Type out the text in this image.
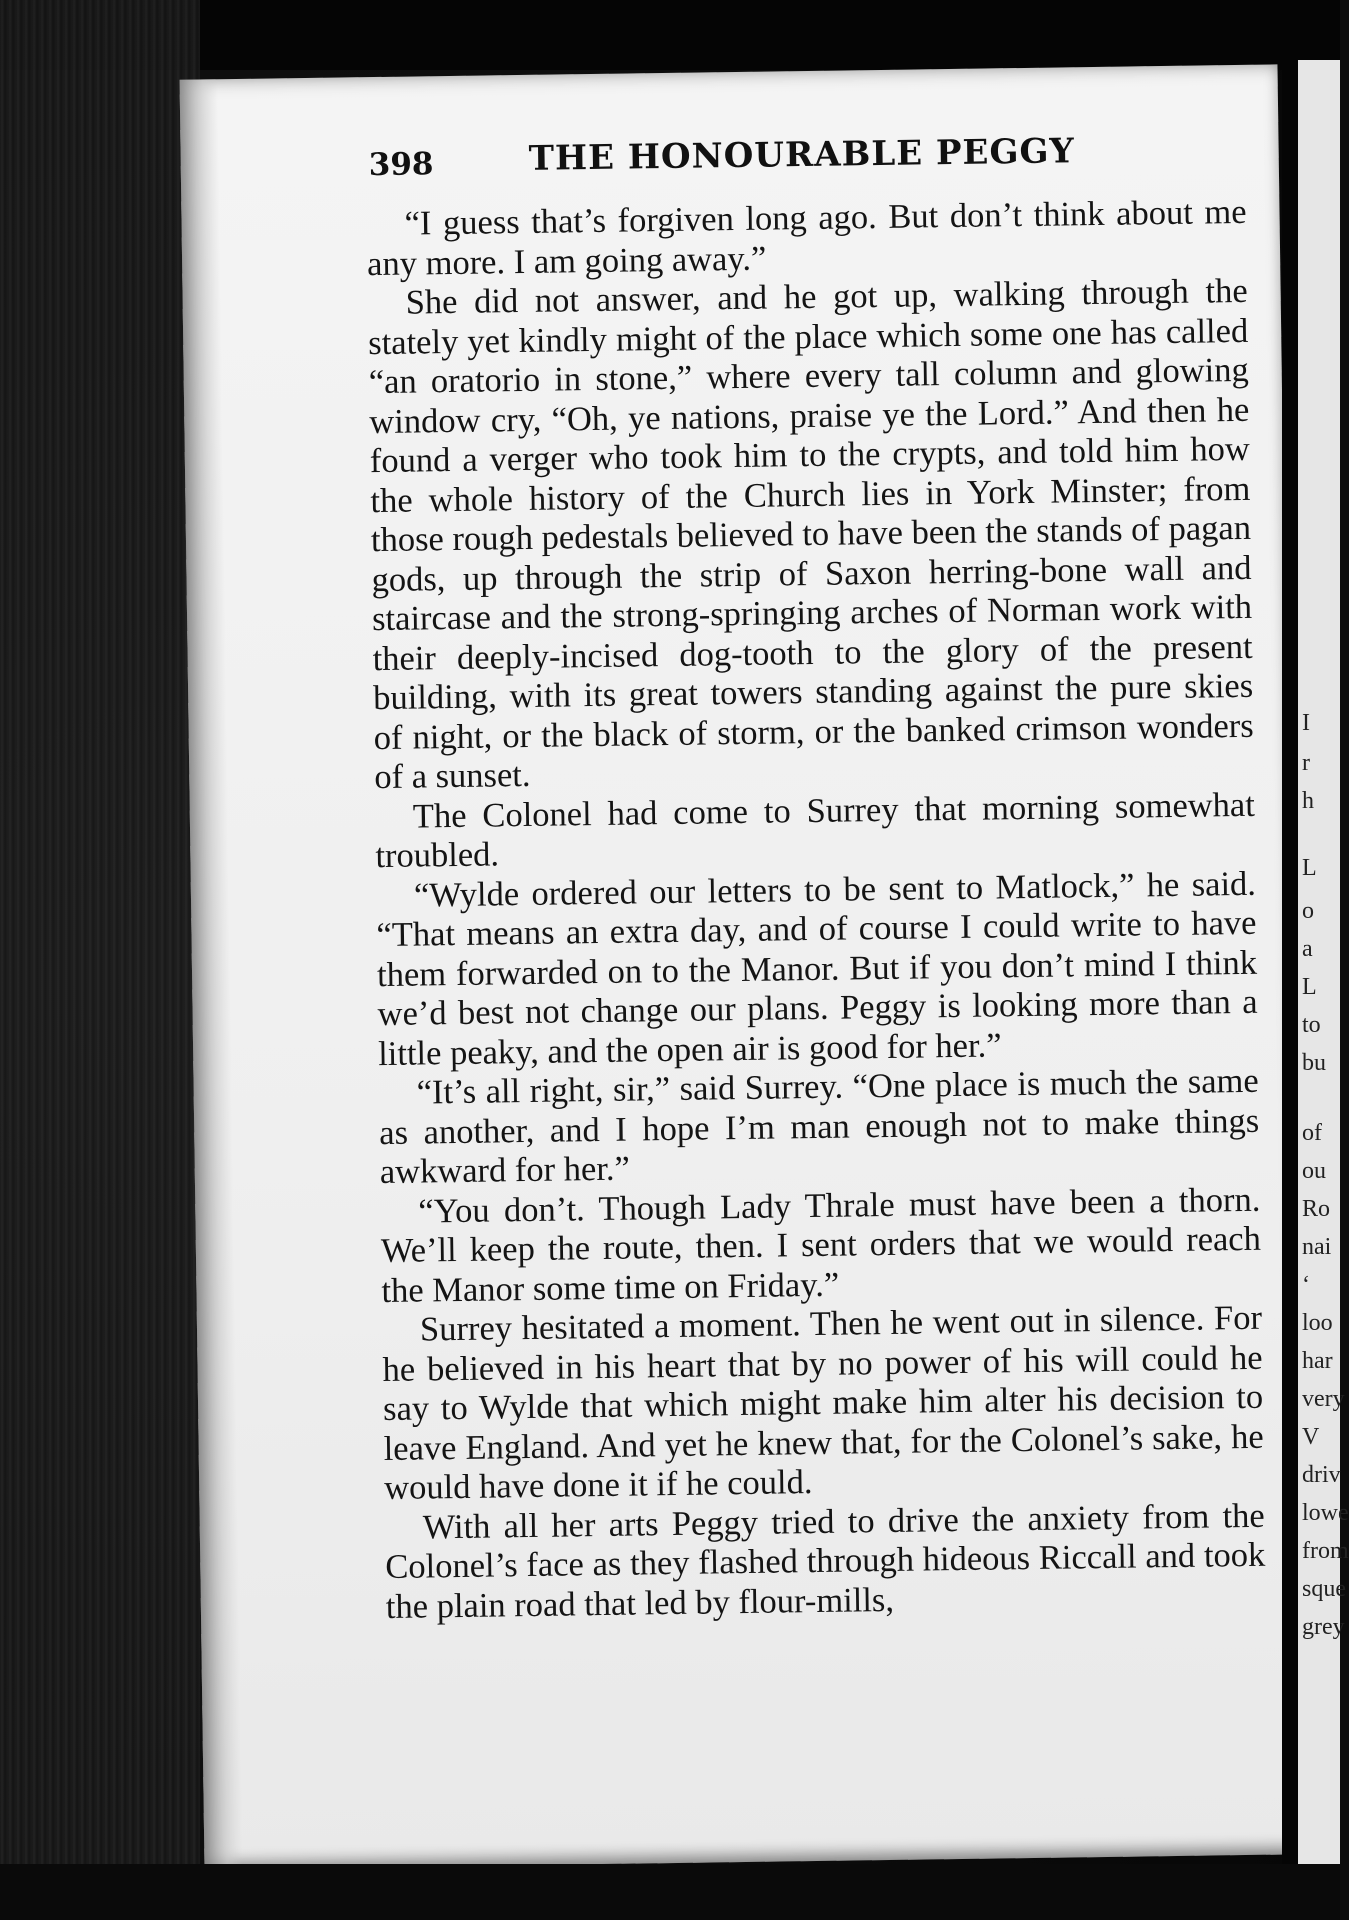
398	THE HONOURABLE PEGGY

“I guess that’s forgiven long ago. But don’t think about me any more. I am going away.”

She did not answer, and he got up, walking through the stately yet kindly might of the place which some one has called “an oratorio in stone,” where every tall column and glowing window cry, “Oh, ye nations, praise ye the Lord.” And then he found a verger who took him to the crypts, and told him how the whole history of the Church lies in York Minster; from those rough pedestals believed to have been the stands of pagan gods, up through the strip of Saxon herring-bone wall and staircase and the strong-springing arches of Norman work with their deeply-incised dog-tooth to the glory of the present building, with its great towers standing against the pure skies of night, or the black of storm, or the banked crimson wonders of a sunset.

The Colonel had come to Surrey that morning somewhat troubled.

“Wylde ordered our letters to be sent to Matlock,” he said. “That means an extra day, and of course I could write to have them forwarded on to the Manor. But if you don’t mind I think we’d best not change our plans. Peggy is looking more than a little peaky, and the open air is good for her.”

“It’s all right, sir,” said Surrey. “One place is much the same as another, and I hope I’m man enough not to make things awkward for her.”

“You don’t. Though Lady Thrale must have been a thorn. We’ll keep the route, then. I sent orders that we would reach the Manor some time on Friday.”

Surrey hesitated a moment. Then he went out in silence. For he believed in his heart that by no power of his will could he say to Wylde that which might make him alter his decision to leave England. And yet he knew that, for the Colonel’s sake, he would have done it if he could.

With all her arts Peggy tried to drive the anxiety from the Colonel’s face as they flashed through hideous Riccall and took the plain road that led by flour-mills,

I
r
h
L
o
a
L
to
bu
of
ou
Ro
nai
‘
loo
har
very
V
driv
lowe
from
sque
grey
